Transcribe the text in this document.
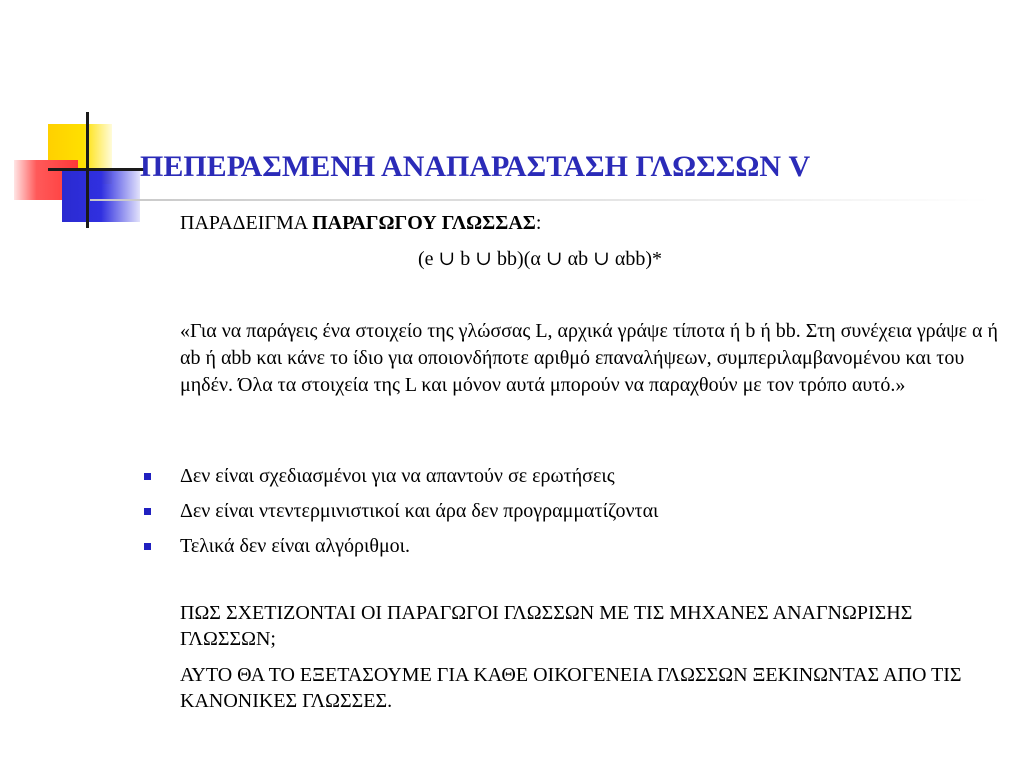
ΠΕΠΕΡΑΣΜΕΝΗ ΑΝΑΠΑΡΑΣΤΑΣΗ ΓΛΩΣΣΩΝ V
ΠΑΡΑΔΕΙΓΜΑ ΠΑΡΑΓΩΓΟΥ ΓΛΩΣΣΑΣ:
(e ∪ b ∪ bb)(α ∪ αb ∪ αbb)*
«Για να παράγεις ένα στοιχείο της γλώσσας L, αρχικά γράψε τίποτα ή b ή bb. Στη συνέχεια γράψε α ή αb ή αbb και κάνε το ίδιο για οποιονδήποτε αριθμό επαναλήψεων, συμπεριλαμβανομένου και του μηδέν. Όλα τα στοιχεία της L και μόνον αυτά μπορούν να παραχθούν με τον τρόπο αυτό.»
Δεν είναι σχεδιασμένοι για να απαντούν σε ερωτήσεις
Δεν είναι ντεντερμινιστικοί και άρα δεν προγραμματίζονται
Τελικά δεν είναι αλγόριθμοι.
ΠΩΣ ΣΧΕΤΙΖΟΝΤΑΙ ΟΙ ΠΑΡΑΓΩΓΟΙ ΓΛΩΣΣΩΝ ΜΕ ΤΙΣ ΜΗΧΑΝΕΣ ΑΝΑΓΝΩΡΙΣΗΣ ΓΛΩΣΣΩΝ;
ΑΥΤΟ ΘΑ ΤΟ ΕΞΕΤΑΣΟΥΜΕ ΓΙΑ ΚΑΘΕ ΟΙΚΟΓΕΝΕΙΑ ΓΛΩΣΣΩΝ ΞΕΚΙΝΩΝΤΑΣ ΑΠΟ ΤΙΣ ΚΑΝΟΝΙΚΕΣ ΓΛΩΣΣΕΣ.
